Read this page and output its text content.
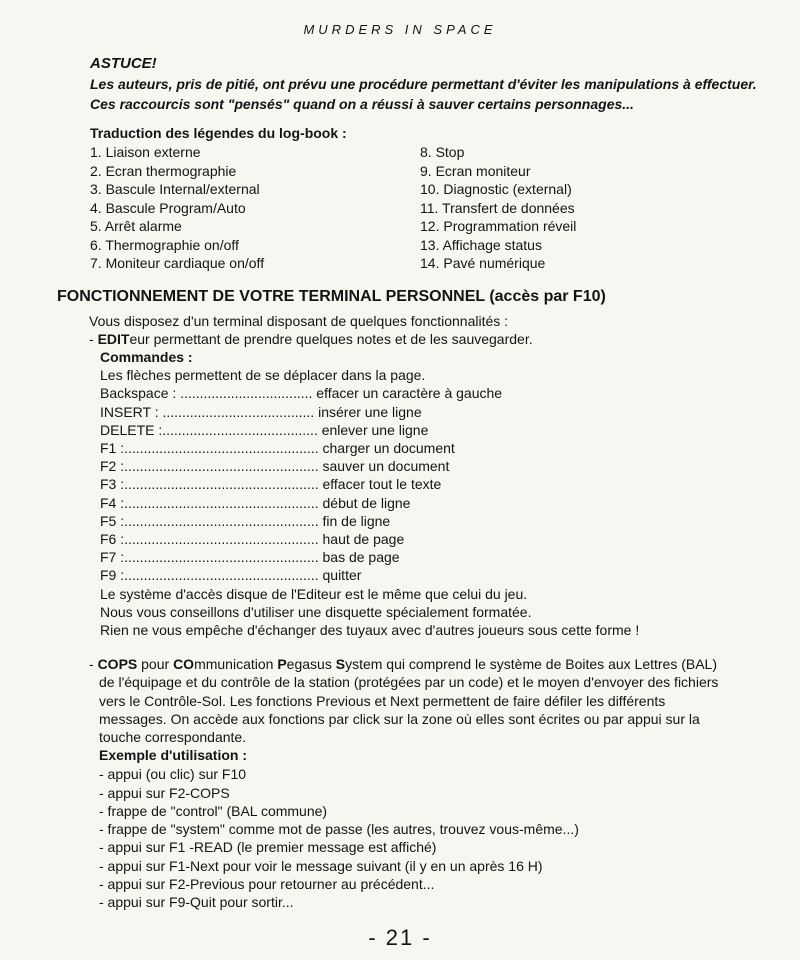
MURDERS IN SPACE
ASTUCE!
Les auteurs, pris de pitié, ont prévu une procédure permettant d'éviter les manipulations à effectuer.
Ces raccourcis sont "pensés" quand on a réussi à sauver certains personnages...
Traduction des légendes du log-book :
1. Liaison externe
2. Ecran thermographie
3. Bascule Internal/external
4. Bascule Program/Auto
5. Arrêt alarme
6. Thermographie on/off
7. Moniteur cardiaque on/off
8. Stop
9. Ecran moniteur
10. Diagnostic (external)
11. Transfert de données
12. Programmation réveil
13. Affichage status
14. Pavé numérique
FONCTIONNEMENT DE VOTRE TERMINAL PERSONNEL (accès par F10)
Vous disposez d'un terminal disposant de quelques fonctionnalités :
- EDITeur permettant de prendre quelques notes et de les sauvegarder.
Commandes :
Les flèches permettent de se déplacer dans la page.
Backspace : .................................. effacer un caractère à gauche
INSERT : ....................................... insérer une ligne
DELETE :........................................ enlever une ligne
F1 :.................................................. charger un document
F2 :.................................................. sauver un document
F3 :.................................................. effacer tout le texte
F4 :.................................................. début de ligne
F5 :.................................................. fin de ligne
F6 :.................................................. haut de page
F7 :.................................................. bas de page
F9 :.................................................. quitter
Le système d'accès disque de l'Editeur est le même que celui du jeu.
Nous vous conseillons d'utiliser une disquette spécialement formatée.
Rien ne vous empêche d'échanger des tuyaux avec d'autres joueurs sous cette forme !
- COPS pour COmmunication Pegasus System qui comprend le système de Boites aux Lettres (BAL)
de l'équipage et du contrôle de la station (protégées par un code) et le moyen d'envoyer des fichiers
vers le Contrôle-Sol. Les fonctions Previous et Next permettent de faire défiler les différents
messages. On accède aux fonctions par click sur la zone où elles sont écrites ou par appui sur la
touche correspondante.
Exemple d'utilisation :
- appui (ou clic) sur F10
- appui sur F2-COPS
- frappe de "control" (BAL commune)
- frappe de "system" comme mot de passe (les autres, trouvez vous-même...)
- appui sur F1 -READ (le premier message est affiché)
- appui sur F1-Next pour voir le message suivant (il y en un après 16 H)
- appui sur F2-Previous pour retourner au précédent...
- appui sur F9-Quit pour sortir...
- 21 -
